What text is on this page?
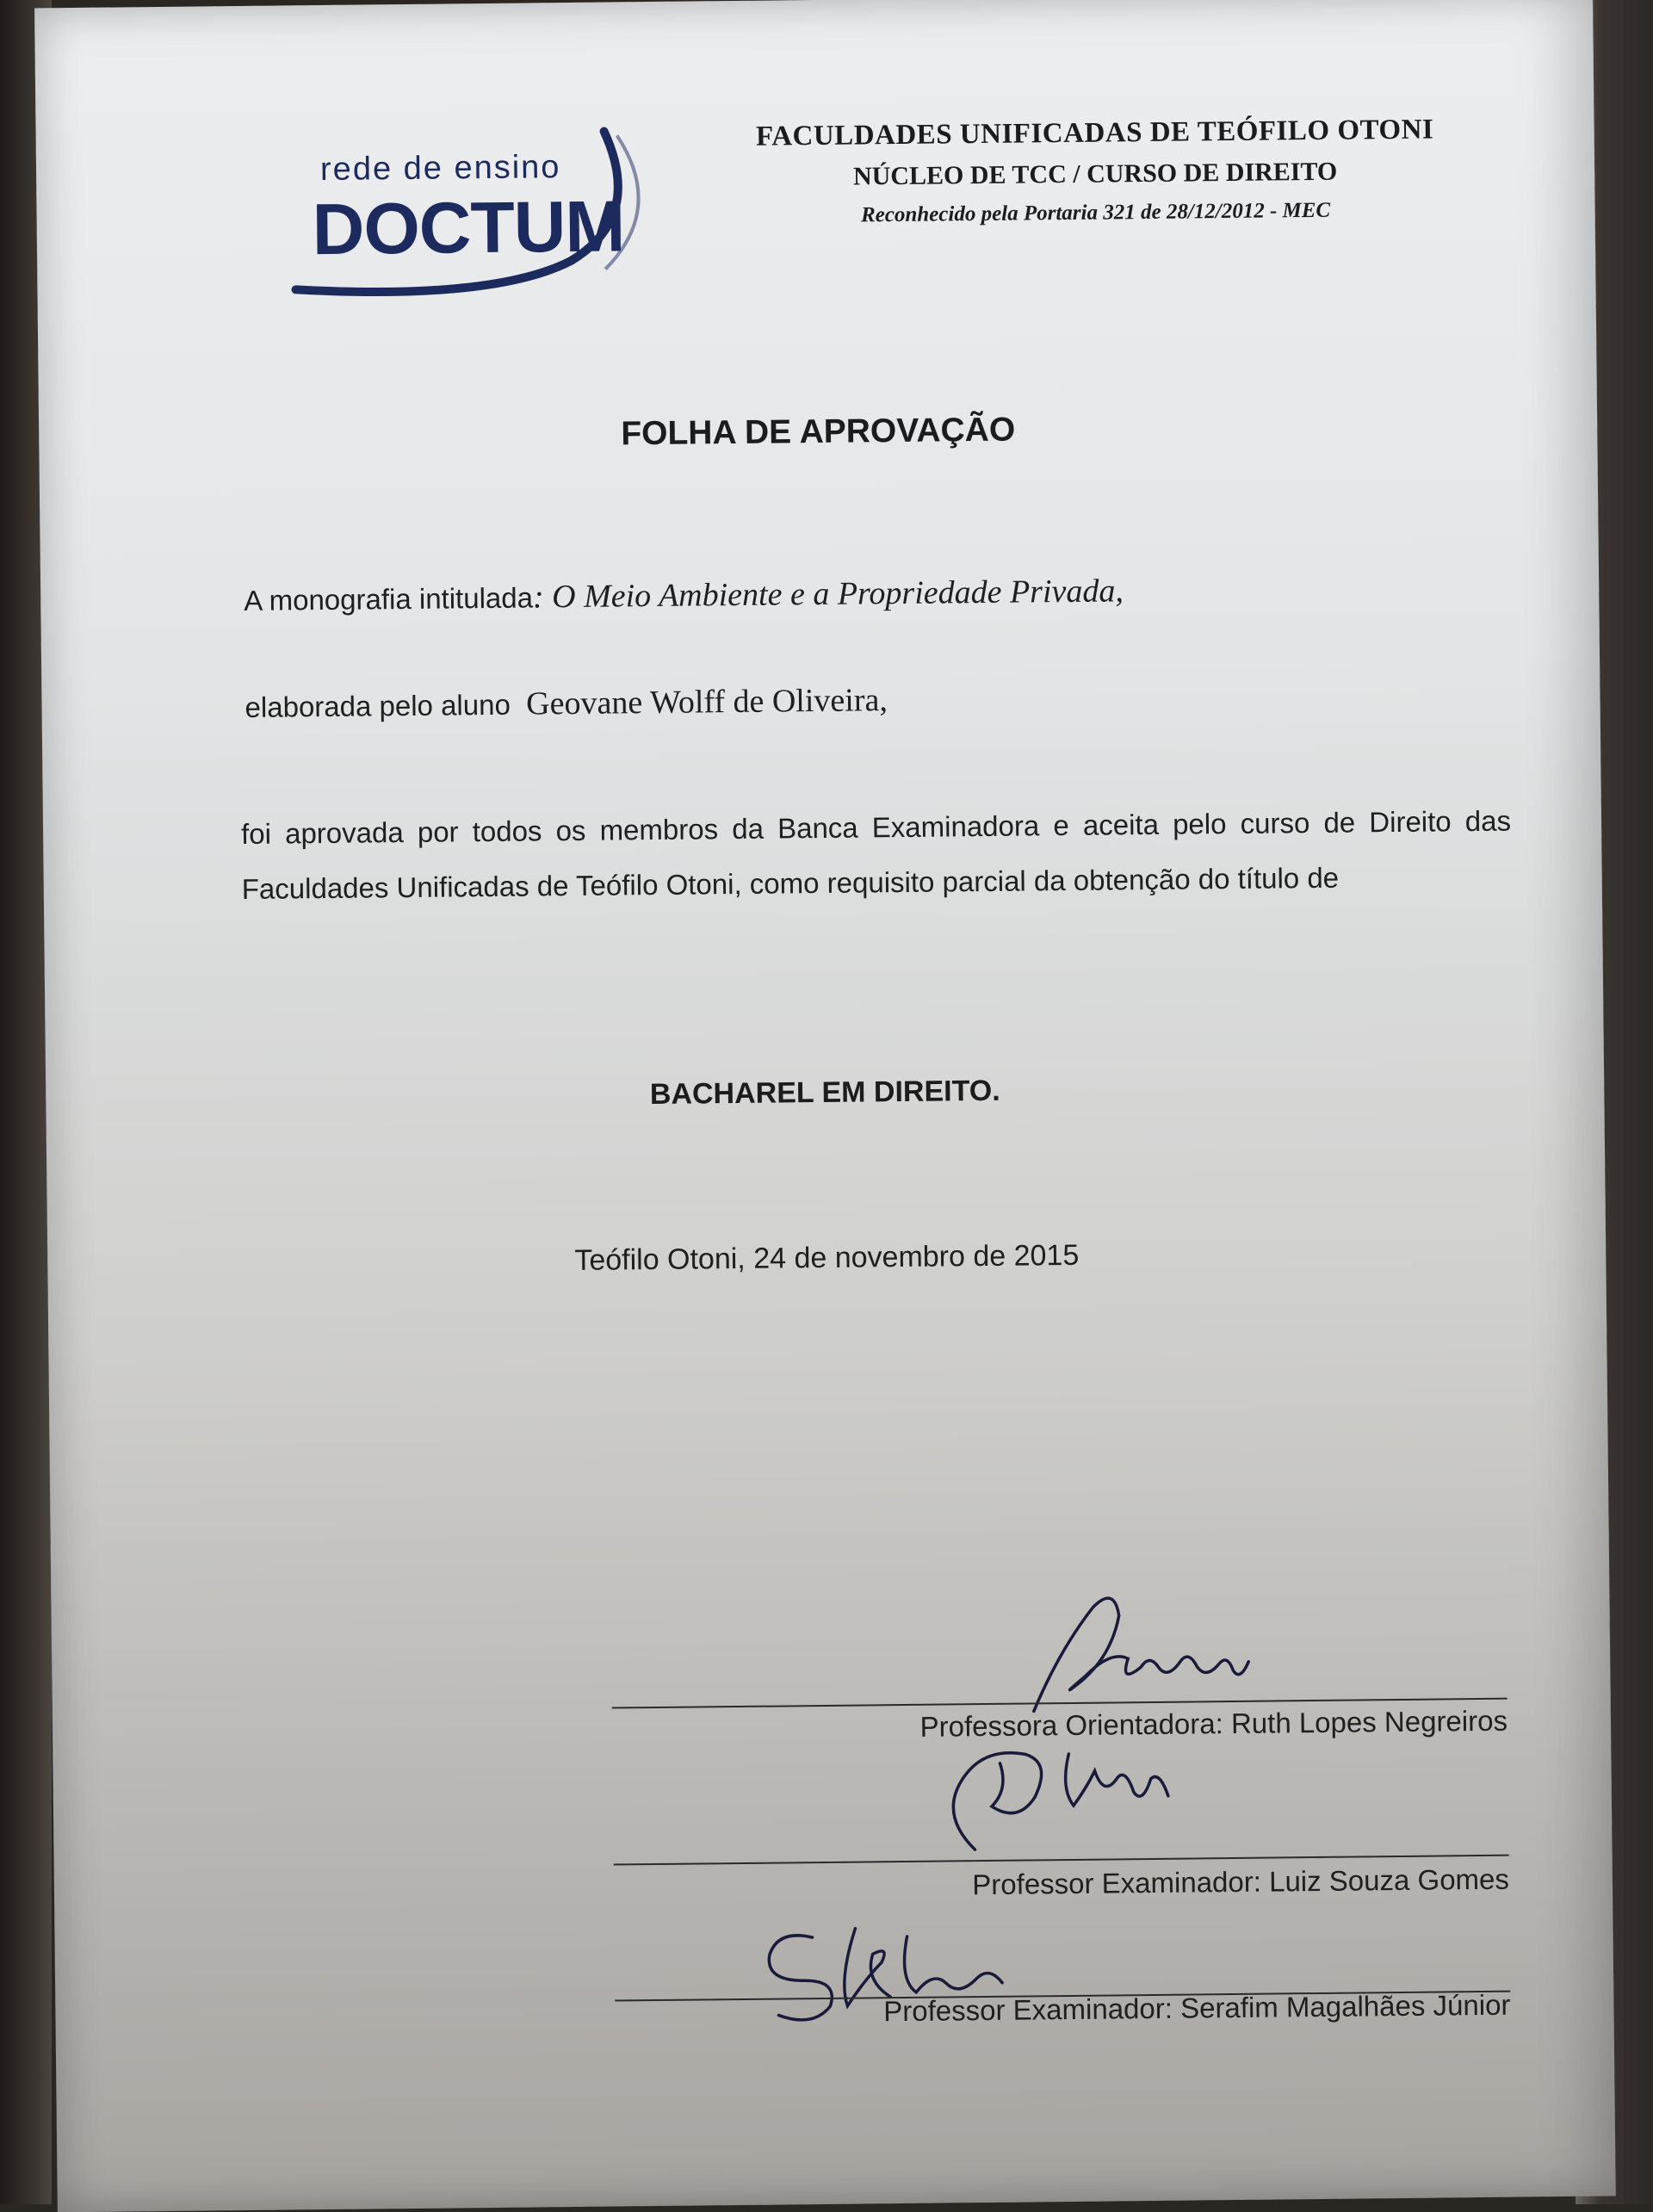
rede de ensino
DOCTUM
FACULDADES UNIFICADAS DE TEÓFILO OTONI
NÚCLEO DE TCC / CURSO DE DIREITO
Reconhecido pela Portaria 321 de 28/12/2012 - MEC
FOLHA DE APROVAÇÃO
A monografia intitulada: O Meio Ambiente e a Propriedade Privada,
elaborada pelo aluno Geovane Wolff de Oliveira,
foi aprovada por todos os membros da Banca Examinadora e aceita pelo curso de Direito das Faculdades Unificadas de Teófilo Otoni, como requisito parcial da obtenção do título de
BACHAREL EM DIREITO.
Teófilo Otoni, 24 de novembro de 2015
Professora Orientadora: Ruth Lopes Negreiros
Professor Examinador: Luiz Souza Gomes
Professor Examinador: Serafim Magalhães Júnior
